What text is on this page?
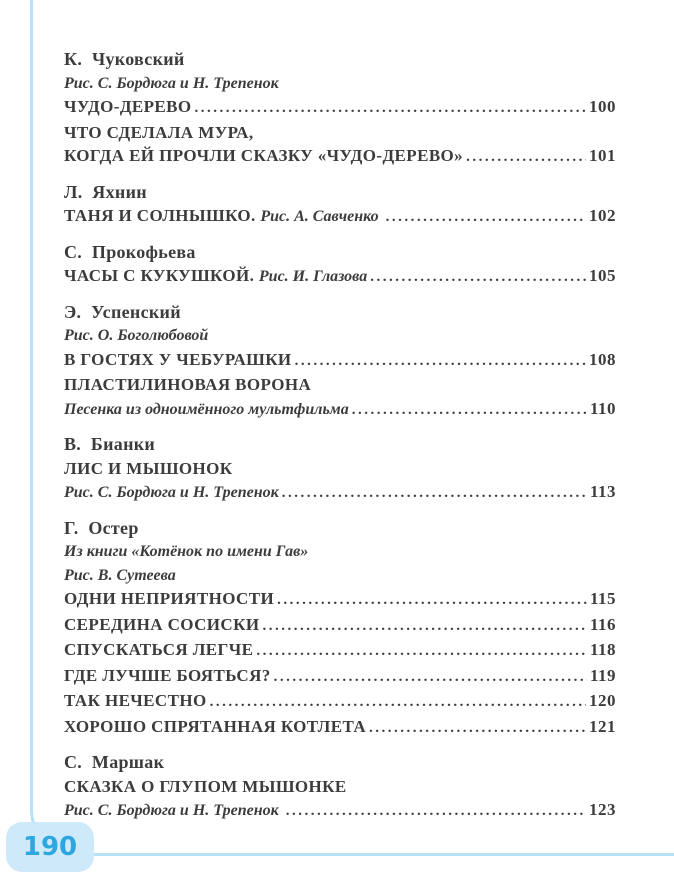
К. Чуковский
Рис. С. Бордюга и Н. Трепенок
ЧУДО-ДЕРЕВО .....	100
ЧТО СДЕЛАЛА МУРА,
КОГДА ЕЙ ПРОЧЛИ СКАЗКУ «ЧУДО-ДЕРЕВО» .....	101
Л. Яхнин
ТАНЯ И СОЛНЫШКО. Рис. А. Савченко .....	102
С. Прокофьева
ЧАСЫ С КУКУШКОЙ. Рис. И. Глазова .....	105
Э. Успенский
Рис. О. Боголюбовой
В ГОСТЯХ У ЧЕБУРАШКИ .....	108
ПЛАСТИЛИНОВАЯ ВОРОНА
Песенка из одноимённого мультфильма .....	110
В. Бианки
ЛИС И МЫШОНОК
Рис. С. Бордюга и Н. Трепенок .....	113
Г. Остер
Из книги «Котёнок по имени Гав»
Рис. В. Сутеева
ОДНИ НЕПРИЯТНОСТИ .....	115
СЕРЕДИНА СОСИСКИ .....	116
СПУСКАТЬСЯ ЛЕГЧЕ .....	118
ГДЕ ЛУЧШЕ БОЯТЬСЯ? .....	119
ТАК НЕЧЕСТНО .....	120
ХОРОШО СПРЯТАННАЯ КОТЛЕТА .....	121
С. Маршак
СКАЗКА О ГЛУПОМ МЫШОНКЕ
Рис. С. Бордюга и Н. Трепенок .....	123
190
